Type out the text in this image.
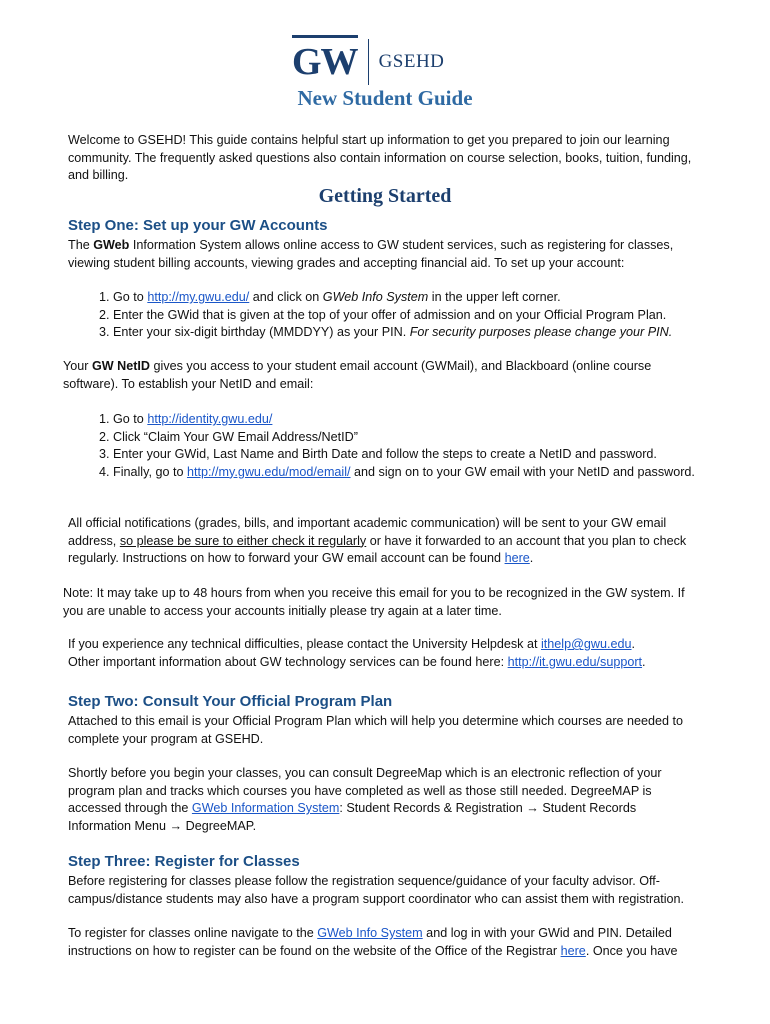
GW GSEHD
New Student Guide

Welcome to GSEHD! This guide contains helpful start up information to get you prepared to join our learning community. The frequently asked questions also contain information on course selection, books, tuition, funding, and billing.

Getting Started
Step One: Set up your GW Accounts

The GWeb Information System allows online access to GW student services, such as registering for classes, viewing student billing accounts, viewing grades and accepting financial aid. To set up your account:

1. Go to http://my.gwu.edu/ and click on GWeb Info System in the upper left corner.
2. Enter the GWid that is given at the top of your offer of admission and on your Official Program Plan.
3. Enter your six-digit birthday (MMDDYY) as your PIN. For security purposes please change your PIN.

Your GW NetID gives you access to your student email account (GWMail), and Blackboard (online course software). To establish your NetID and email:

1. Go to http://identity.gwu.edu/
2. Click “Claim Your GW Email Address/NetID”
3. Enter your GWid, Last Name and Birth Date and follow the steps to create a NetID and password.
4. Finally, go to http://my.gwu.edu/mod/email/ and sign on to your GW email with your NetID and password.

All official notifications (grades, bills, and important academic communication) will be sent to your GW email address, so please be sure to either check it regularly or have it forwarded to an account that you plan to check regularly. Instructions on how to forward your GW email account can be found here.

Note: It may take up to 48 hours from when you receive this email for you to be recognized in the GW system. If you are unable to access your accounts initially please try again at a later time.

If you experience any technical difficulties, please contact the University Helpdesk at ithelp@gwu.edu.
Other important information about GW technology services can be found here: http://it.gwu.edu/support.

Step Two: Consult Your Official Program Plan

Attached to this email is your Official Program Plan which will help you determine which courses are needed to complete your program at GSEHD.

Shortly before you begin your classes, you can consult DegreeMap which is an electronic reflection of your program plan and tracks which courses you have completed as well as those still needed. DegreeMAP is accessed through the GWeb Information System: Student Records & Registration → Student Records Information Menu → DegreeMAP.

Step Three: Register for Classes

Before registering for classes please follow the registration sequence/guidance of your faculty advisor. Off-campus/distance students may also have a program support coordinator who can assist them with registration.

To register for classes online navigate to the GWeb Info System and log in with your GWid and PIN. Detailed instructions on how to register can be found on the website of the Office of the Registrar here. Once you have
